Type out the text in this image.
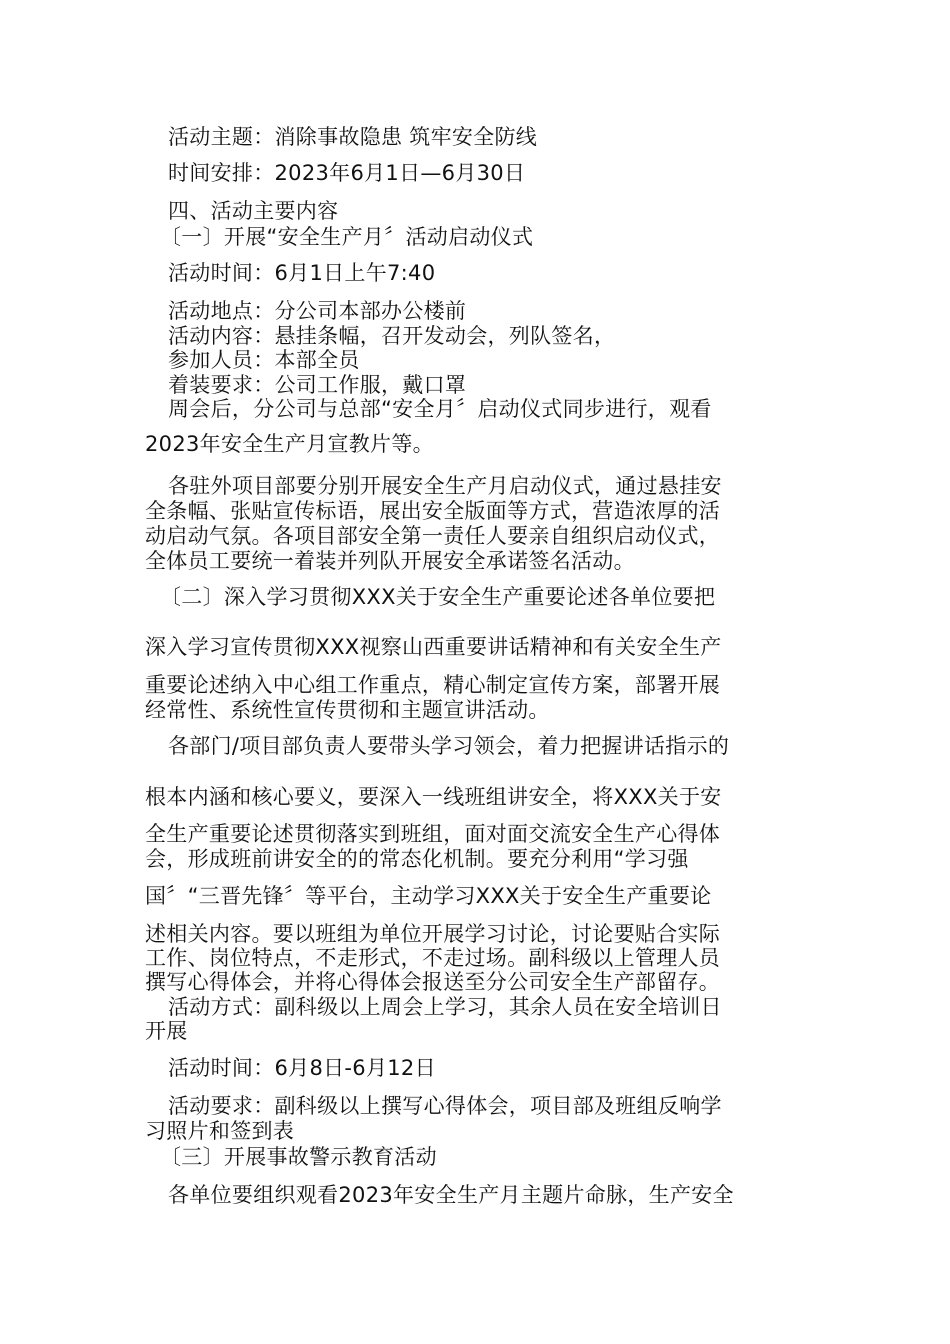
活动主题：消除事故隐患 筑牢安全防线
时间安排：2023年6月1日—6月30日
四、活动主要内容
〔一〕开展“安全生产月〞活动启动仪式
活动时间：6月1日上午7:40
活动地点：分公司本部办公楼前
活动内容：悬挂条幅，召开发动会，列队签名，
参加人员：本部全员
着装要求：公司工作服，戴口罩
周会后，分公司与总部“安全月〞启动仪式同步进行，观看
2023年安全生产月宣教片等。
各驻外项目部要分别开展安全生产月启动仪式，通过悬挂安
全条幅、张贴宣传标语，展出安全版面等方式，营造浓厚的活
动启动气氛。各项目部安全第一责任人要亲自组织启动仪式，
全体员工要统一着装并列队开展安全承诺签名活动。
〔二〕深入学习贯彻XXX关于安全生产重要论述各单位要把
深入学习宣传贯彻XXX视察山西重要讲话精神和有关安全生产
重要论述纳入中心组工作重点，精心制定宣传方案，部署开展
经常性、系统性宣传贯彻和主题宣讲活动。
各部门/项目部负责人要带头学习领会，着力把握讲话指示的
根本内涵和核心要义，要深入一线班组讲安全，将XXX关于安
全生产重要论述贯彻落实到班组，面对面交流安全生产心得体
会，形成班前讲安全的的常态化机制。要充分利用“学习强
国〞“三晋先锋〞等平台，主动学习XXX关于安全生产重要论
述相关内容。要以班组为单位开展学习讨论，讨论要贴合实际
工作、岗位特点，不走形式，不走过场。副科级以上管理人员
撰写心得体会，并将心得体会报送至分公司安全生产部留存。
活动方式：副科级以上周会上学习，其余人员在安全培训日
开展
活动时间：6月8日-6月12日
活动要求：副科级以上撰写心得体会，项目部及班组反响学
习照片和签到表
〔三〕开展事故警示教育活动
各单位要组织观看2023年安全生产月主题片命脉，生产安全
